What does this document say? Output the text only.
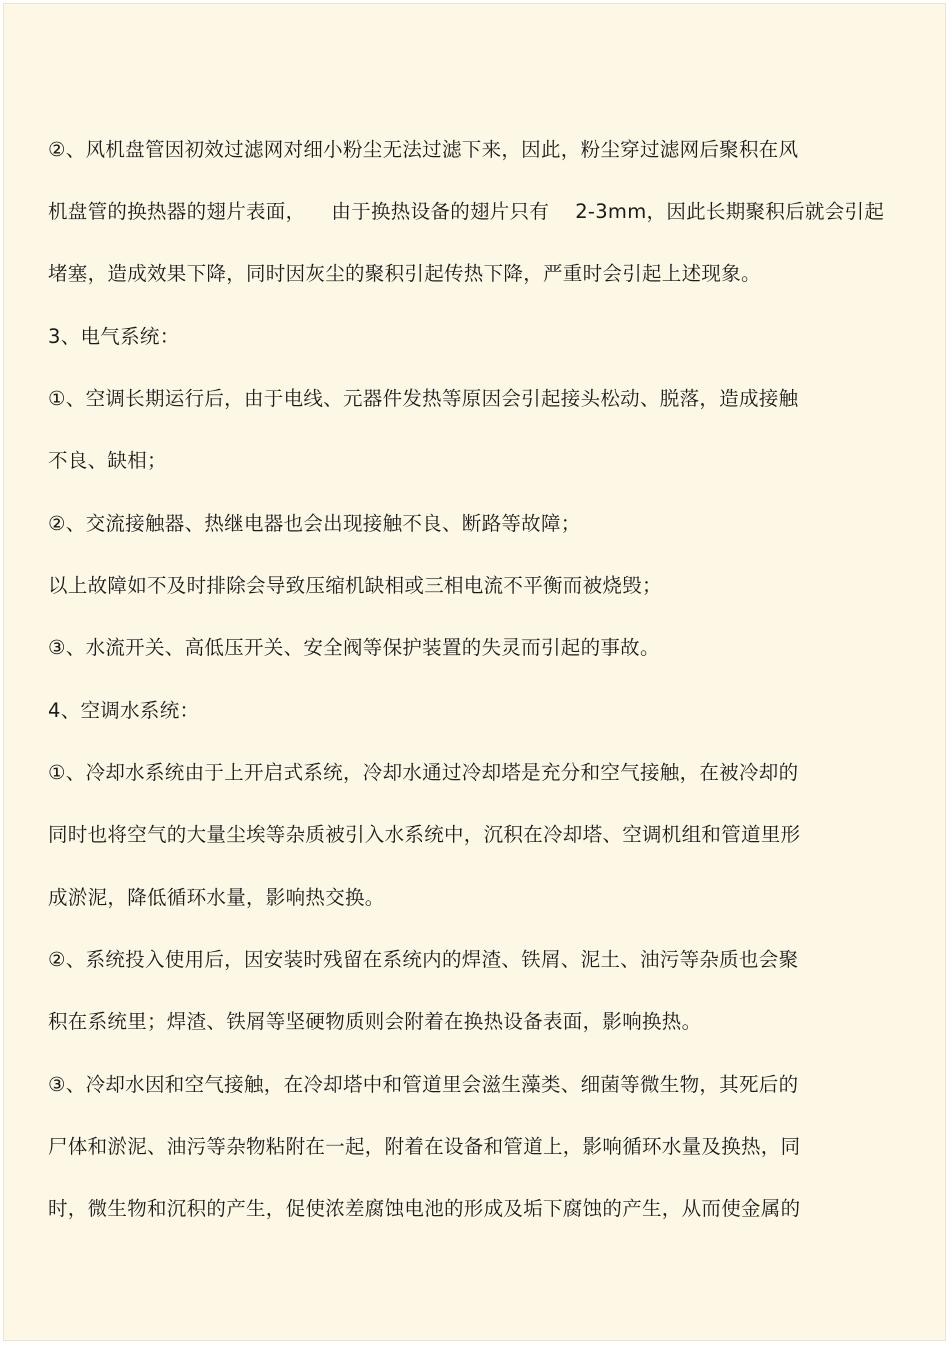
②、风机盘管因初效过滤网对细小粉尘无法过滤下来，因此，粉尘穿过滤网后聚积在风
机盘管的换热器的翅片表面，    由于换热设备的翅片只有    2-3mm，因此长期聚积后就会引起
堵塞，造成效果下降，同时因灰尘的聚积引起传热下降，严重时会引起上述现象。
3、电气系统：
①、空调长期运行后，由于电线、元器件发热等原因会引起接头松动、脱落，造成接触
不良、缺相；
②、交流接触器、热继电器也会出现接触不良、断路等故障；
以上故障如不及时排除会导致压缩机缺相或三相电流不平衡而被烧毁；
③、水流开关、高低压开关、安全阀等保护装置的失灵而引起的事故。
4、空调水系统：
①、冷却水系统由于上开启式系统，冷却水通过冷却塔是充分和空气接触，在被冷却的
同时也将空气的大量尘埃等杂质被引入水系统中，沉积在冷却塔、空调机组和管道里形
成淤泥，降低循环水量，影响热交换。
②、系统投入使用后，因安装时残留在系统内的焊渣、铁屑、泥土、油污等杂质也会聚
积在系统里；焊渣、铁屑等坚硬物质则会附着在换热设备表面，影响换热。
③、冷却水因和空气接触，在冷却塔中和管道里会滋生藻类、细菌等微生物，其死后的
尸体和淤泥、油污等杂物粘附在一起，附着在设备和管道上，影响循环水量及换热，同
时，微生物和沉积的产生，促使浓差腐蚀电池的形成及垢下腐蚀的产生，从而使金属的
